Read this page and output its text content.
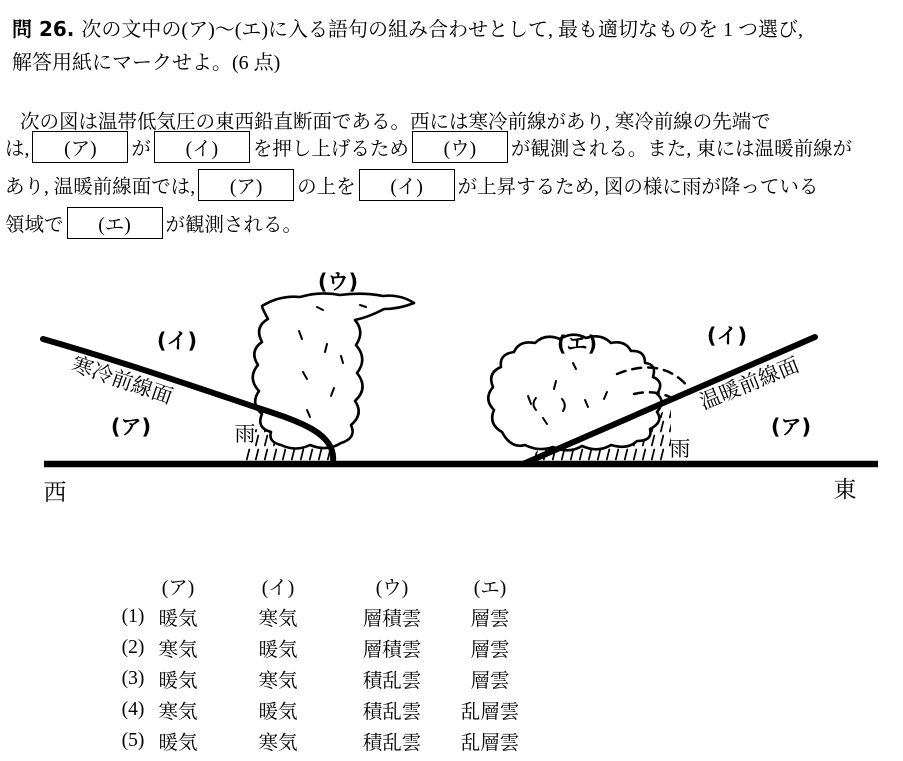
問 26. 次の文中の(ア)～(エ)に入る語句の組み合わせとして, 最も適切なものを 1 つ選び,
解答用紙にマークせよ。(6 点)
次の図は温帯低気圧の東西鉛直断面である。西には寒冷前線があり, 寒冷前線の先端で
は,	(ア)	が	(イ)	を押し上げるため	(ウ)	が観測される。また, 東には温暖前線が
あり, 温暖前線面では,	(ア)	の上を	(イ)	が上昇するため, 図の様に雨が降っている
領域で	(エ)	が観測される。
(ウ)
(イ)
寒冷前線面
(ア)	雨
西
(エ)	(イ)
温暖前線面
(ア)
雨
東
(ア)	(イ)	(ウ)	(エ)
(1) 暖気	寒気	層積雲	層雲
(2) 寒気	暖気	層積雲	層雲
(3) 暖気	寒気	積乱雲	層雲
(4) 寒気	暖気	積乱雲	乱層雲
(5) 暖気	寒気	積乱雲	乱層雲
